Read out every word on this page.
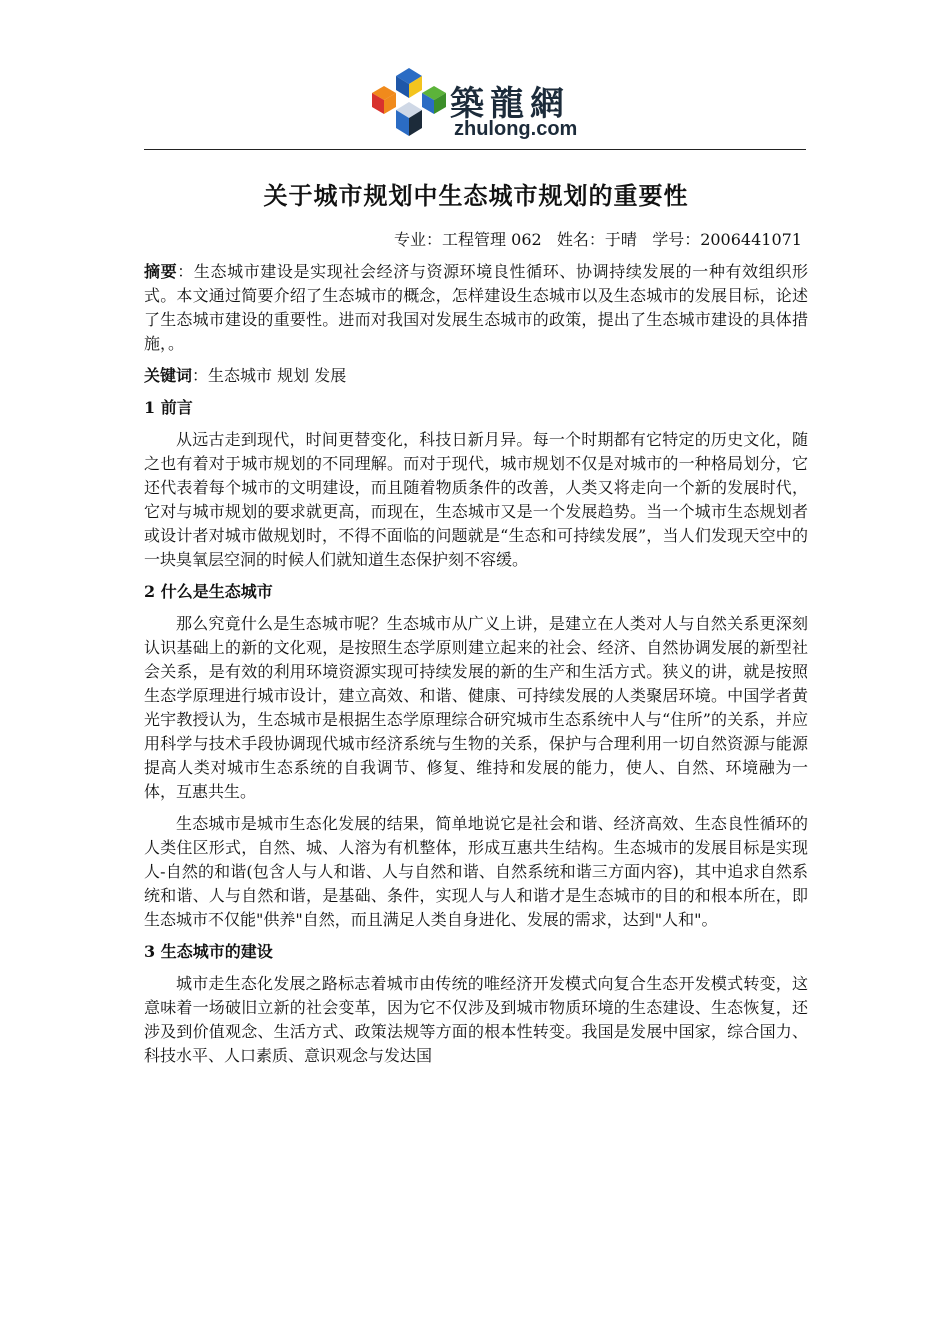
築龍網
zhulong.com
关于城市规划中生态城市规划的重要性
专业：工程管理 062   姓名：于晴   学号：2006441071

摘要：生态城市建设是实现社会经济与资源环境良性循环、协调持续发展的一种有效组织形式。本文通过简要介绍了生态城市的概念，怎样建设生态城市以及生态城市的发展目标，论述了生态城市建设的重要性。进而对我国对发展生态城市的政策，提出了生态城市建设的具体措施，。

关键词：生态城市 规划 发展

1 前言

从远古走到现代，时间更替变化，科技日新月异。每一个时期都有它特定的历史文化，随之也有着对于城市规划的不同理解。而对于现代，城市规划不仅是对城市的一种格局划分，它还代表着每个城市的文明建设，而且随着物质条件的改善，人类又将走向一个新的发展时代，它对与城市规划的要求就更高，而现在，生态城市又是一个发展趋势。当一个城市生态规划者或设计者对城市做规划时，不得不面临的问题就是“生态和可持续发展”，当人们发现天空中的一块臭氧层空洞的时候人们就知道生态保护刻不容缓。

2 什么是生态城市

那么究竟什么是生态城市呢？生态城市从广义上讲，是建立在人类对人与自然关系更深刻认识基础上的新的文化观，是按照生态学原则建立起来的社会、经济、自然协调发展的新型社会关系，是有效的利用环境资源实现可持续发展的新的生产和生活方式。狭义的讲，就是按照生态学原理进行城市设计，建立高效、和谐、健康、可持续发展的人类聚居环境。中国学者黄光宇教授认为，生态城市是根据生态学原理综合研究城市生态系统中人与“住所”的关系，并应用科学与技术手段协调现代城市经济系统与生物的关系，保护与合理利用一切自然资源与能源提高人类对城市生态系统的自我调节、修复、维持和发展的能力，使人、自然、环境融为一体，互惠共生。

生态城市是城市生态化发展的结果，简单地说它是社会和谐、经济高效、生态良性循环的人类住区形式，自然、城、人溶为有机整体，形成互惠共生结构。生态城市的发展目标是实现人-自然的和谐(包含人与人和谐、人与自然和谐、自然系统和谐三方面内容)，其中追求自然系统和谐、人与自然和谐，是基础、条件，实现人与人和谐才是生态城市的目的和根本所在，即生态城市不仅能"供养"自然，而且满足人类自身进化、发展的需求，达到"人和"。

3 生态城市的建设

城市走生态化发展之路标志着城市由传统的唯经济开发模式向复合生态开发模式转变，这意味着一场破旧立新的社会变革，因为它不仅涉及到城市物质环境的生态建设、生态恢复，还涉及到价值观念、生活方式、政策法规等方面的根本性转变。我国是发展中国家，综合国力、科技水平、人口素质、意识观念与发达国
